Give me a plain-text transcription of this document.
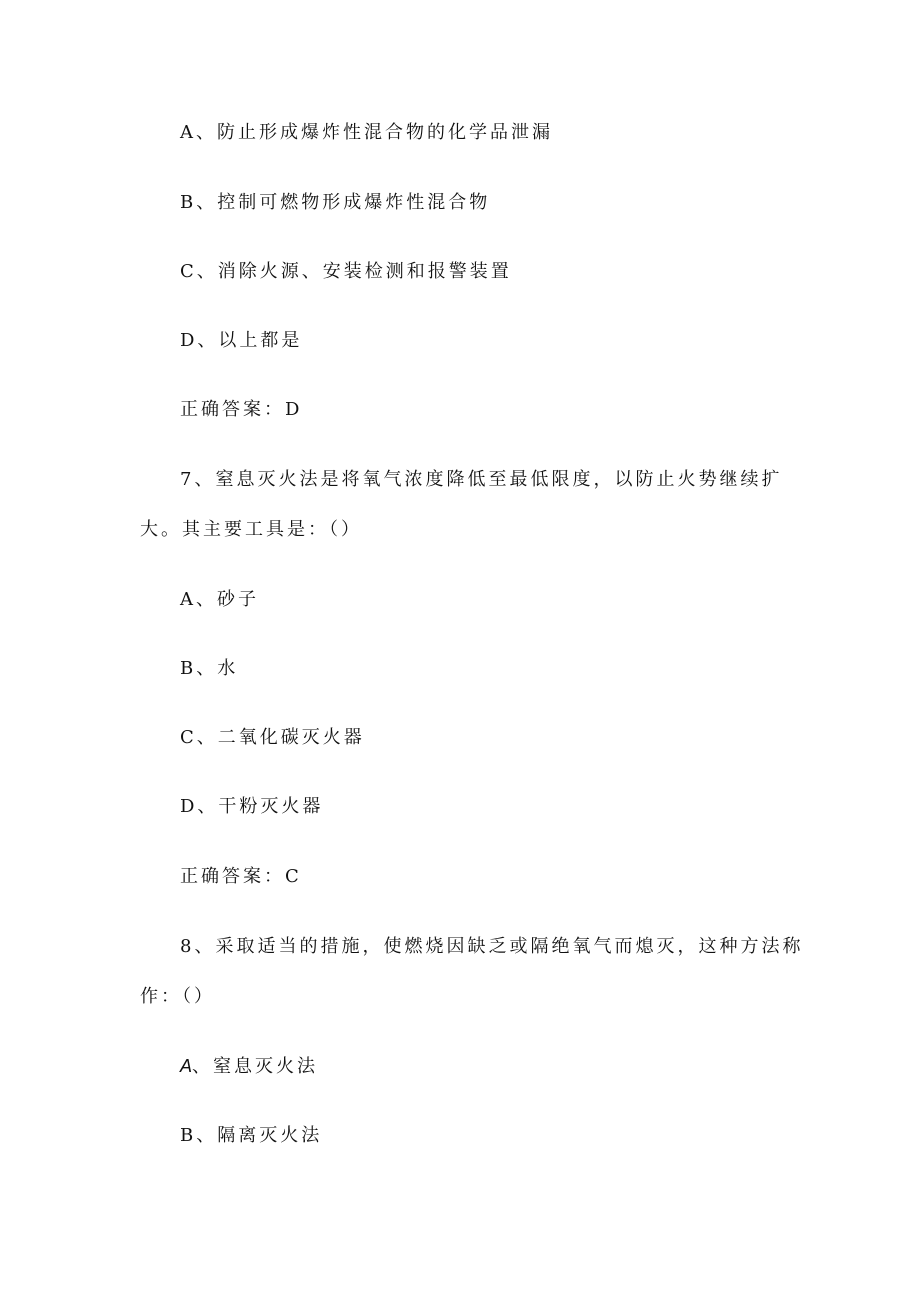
A、防止形成爆炸性混合物的化学品泄漏
B、控制可燃物形成爆炸性混合物
C、消除火源、安装检测和报警装置
D、以上都是
正确答案：D
7、窒息灭火法是将氧气浓度降低至最低限度，以防止火势继续扩
大。其主要工具是：（）
A、砂子
B、水
C、二氧化碳灭火器
D、干粉灭火器
正确答案：C
8、采取适当的措施，使燃烧因缺乏或隔绝氧气而熄灭，这种方法称
作：（）
A、窒息灭火法
B、隔离灭火法
